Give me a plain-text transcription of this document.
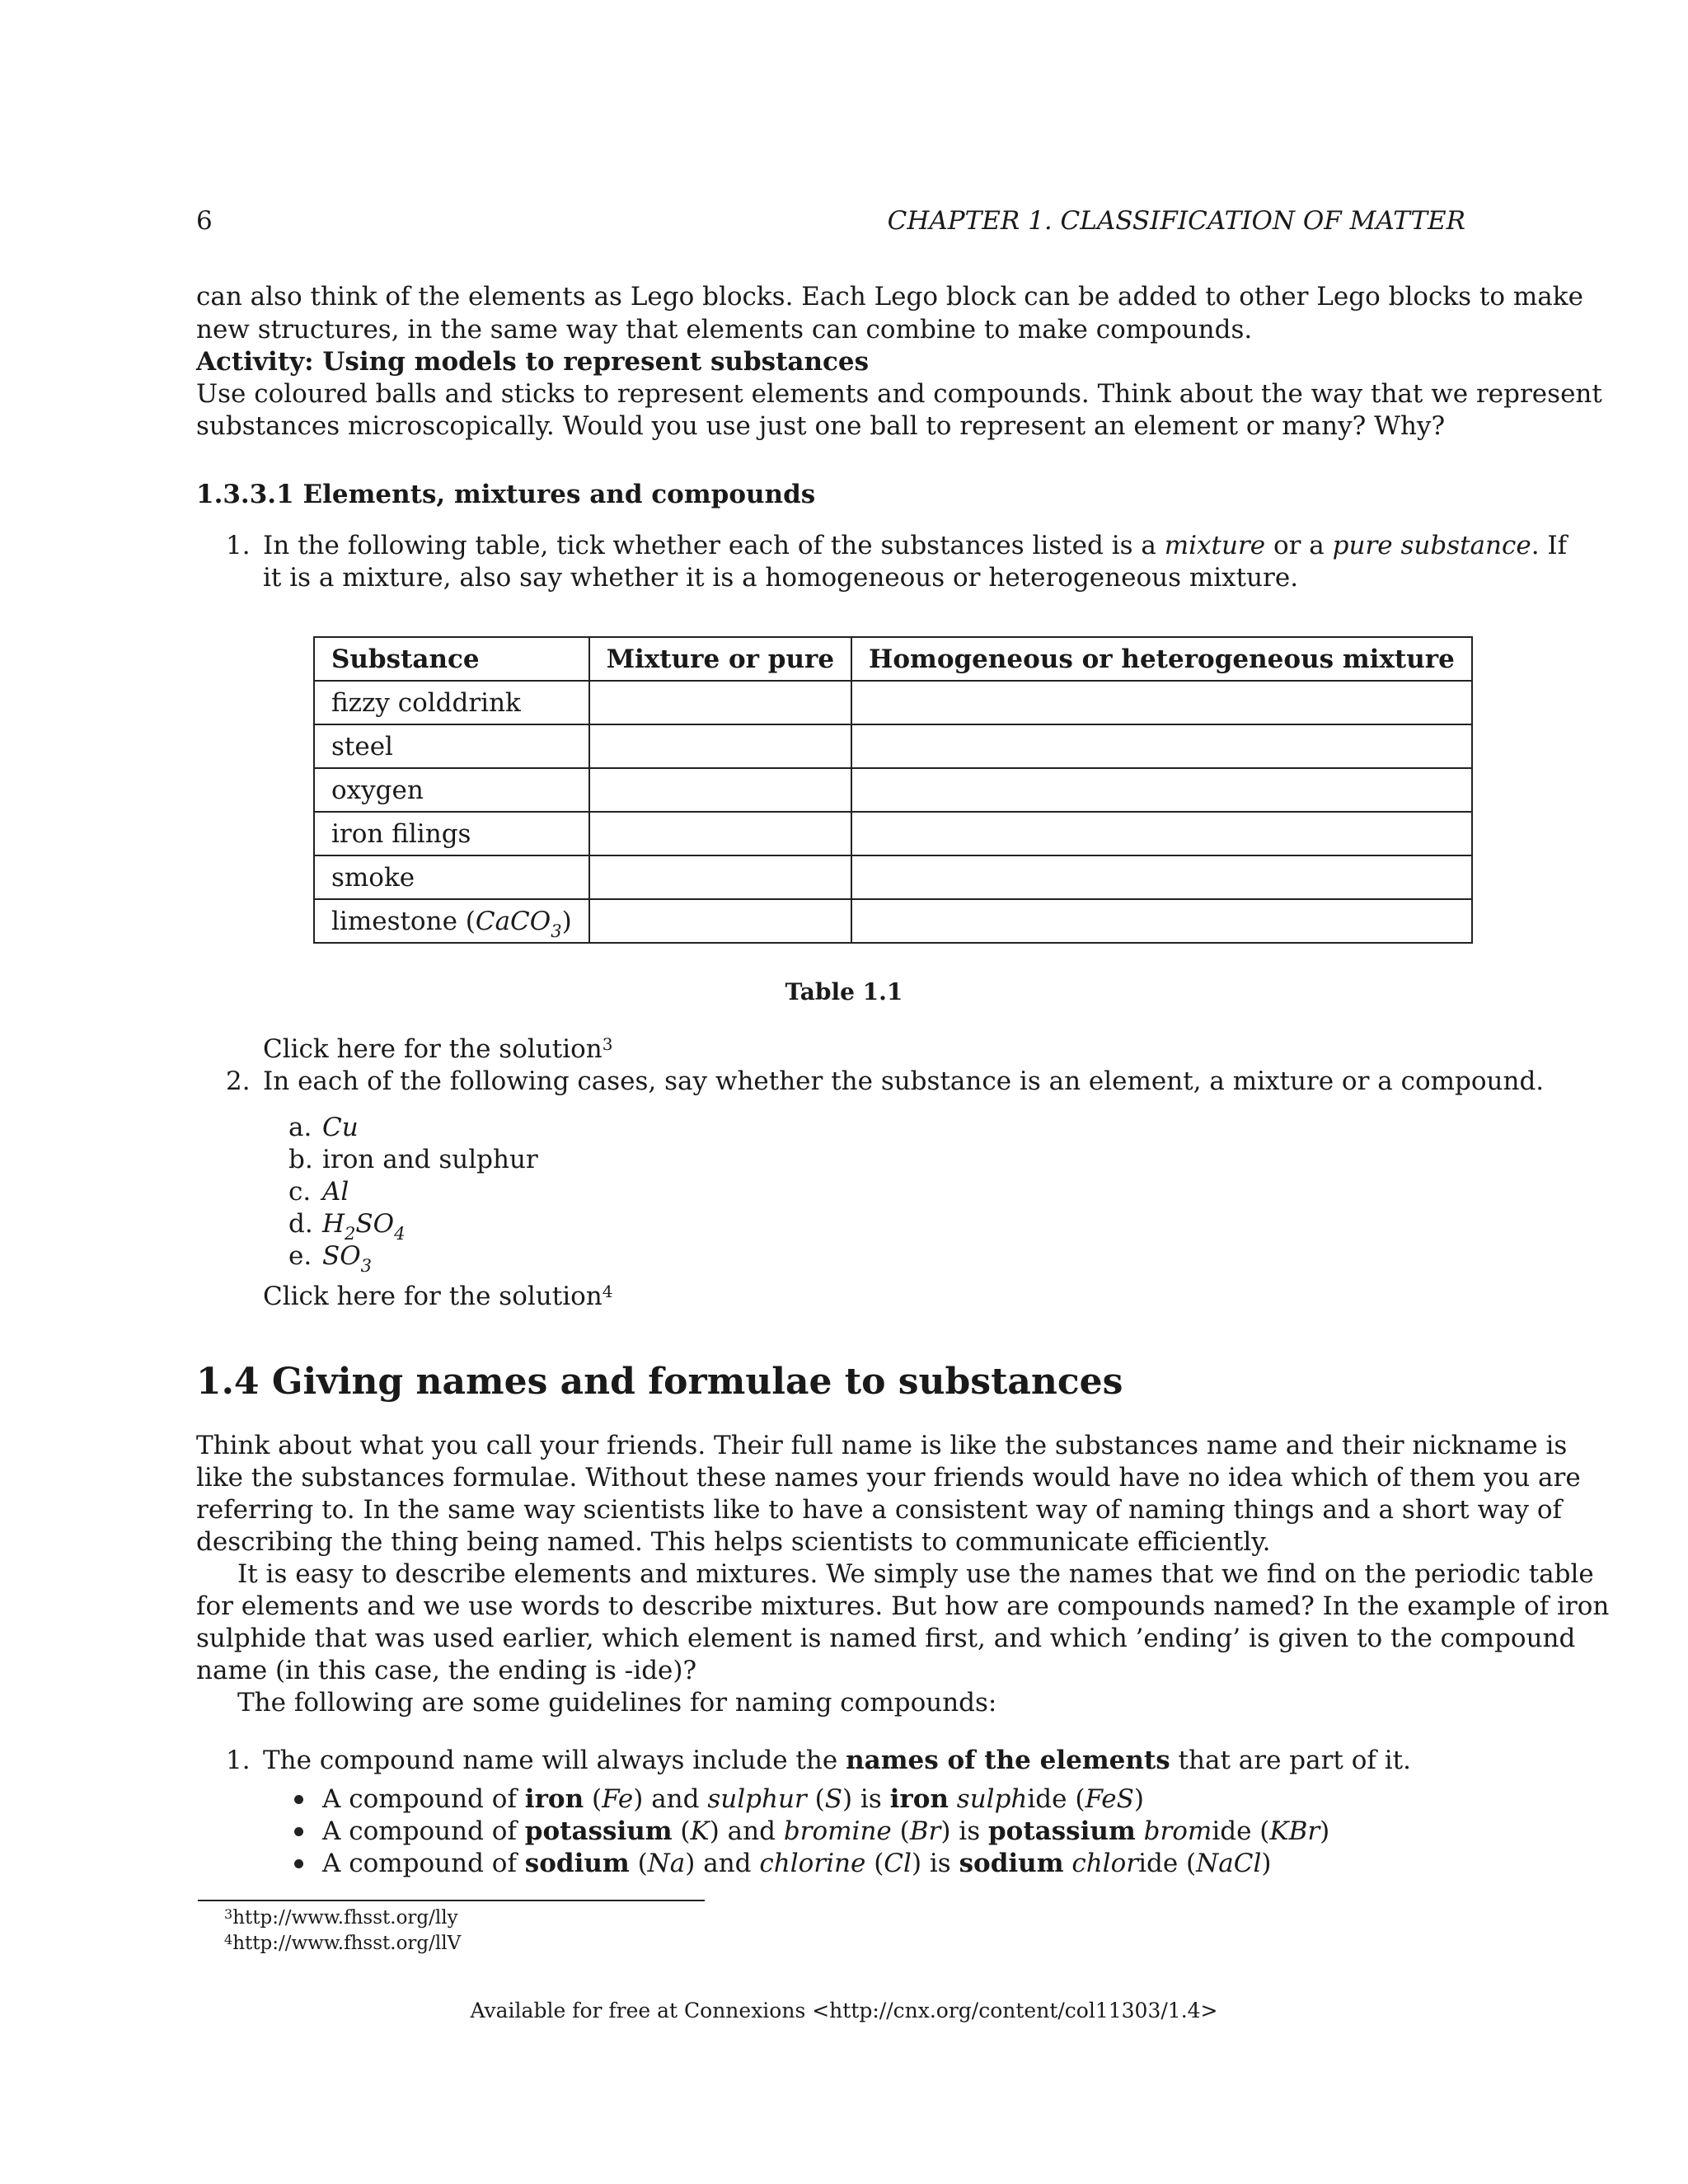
6	CHAPTER 1. CLASSIFICATION OF MATTER
can also think of the elements as Lego blocks. Each Lego block can be added to other Lego blocks to make
new structures, in the same way that elements can combine to make compounds.
Activity: Using models to represent substances
Use coloured balls and sticks to represent elements and compounds. Think about the way that we represent
substances microscopically. Would you use just one ball to represent an element or many? Why?
1.3.3.1 Elements, mixtures and compounds
1. In the following table, tick whether each of the substances listed is a mixture or a pure substance. If
it is a mixture, also say whether it is a homogeneous or heterogeneous mixture.
Substance	Mixture or pure	Homogeneous or heterogeneous mixture
fizzy colddrink		
steel		
oxygen		
iron filings		
smoke		
limestone (CaCO$_3$)		
Table 1.1
Click here for the solution$^3$
2. In each of the following cases, say whether the substance is an element, a mixture or a compound.
a. Cu
b. iron and sulphur
c. Al
d. $H_2SO_4$
e. $SO_3$
Click here for the solution$^4$
1.4 Giving names and formulae to substances
Think about what you call your friends. Their full name is like the substances name and their nickname is
like the substances formulae. Without these names your friends would have no idea which of them you are
referring to. In the same way scientists like to have a consistent way of naming things and a short way of
describing the thing being named. This helps scientists to communicate efficiently.
It is easy to describe elements and mixtures. We simply use the names that we find on the periodic table
for elements and we use words to describe mixtures. But how are compounds named? In the example of iron
sulphide that was used earlier, which element is named first, and which ’ending’ is given to the compound
name (in this case, the ending is -ide)?
The following are some guidelines for naming compounds:
1. The compound name will always include the names of the elements that are part of it.
A compound of iron (Fe) and sulphur (S) is iron sulphide (FeS)
A compound of potassium (K) and bromine (Br) is potassium bromide (KBr)
A compound of sodium (Na) and chlorine (Cl) is sodium chloride (NaCl)
$^3$http://www.fhsst.org/lly
$^4$http://www.fhsst.org/llV
Available for free at Connexions <http://cnx.org/content/col11303/1.4>
